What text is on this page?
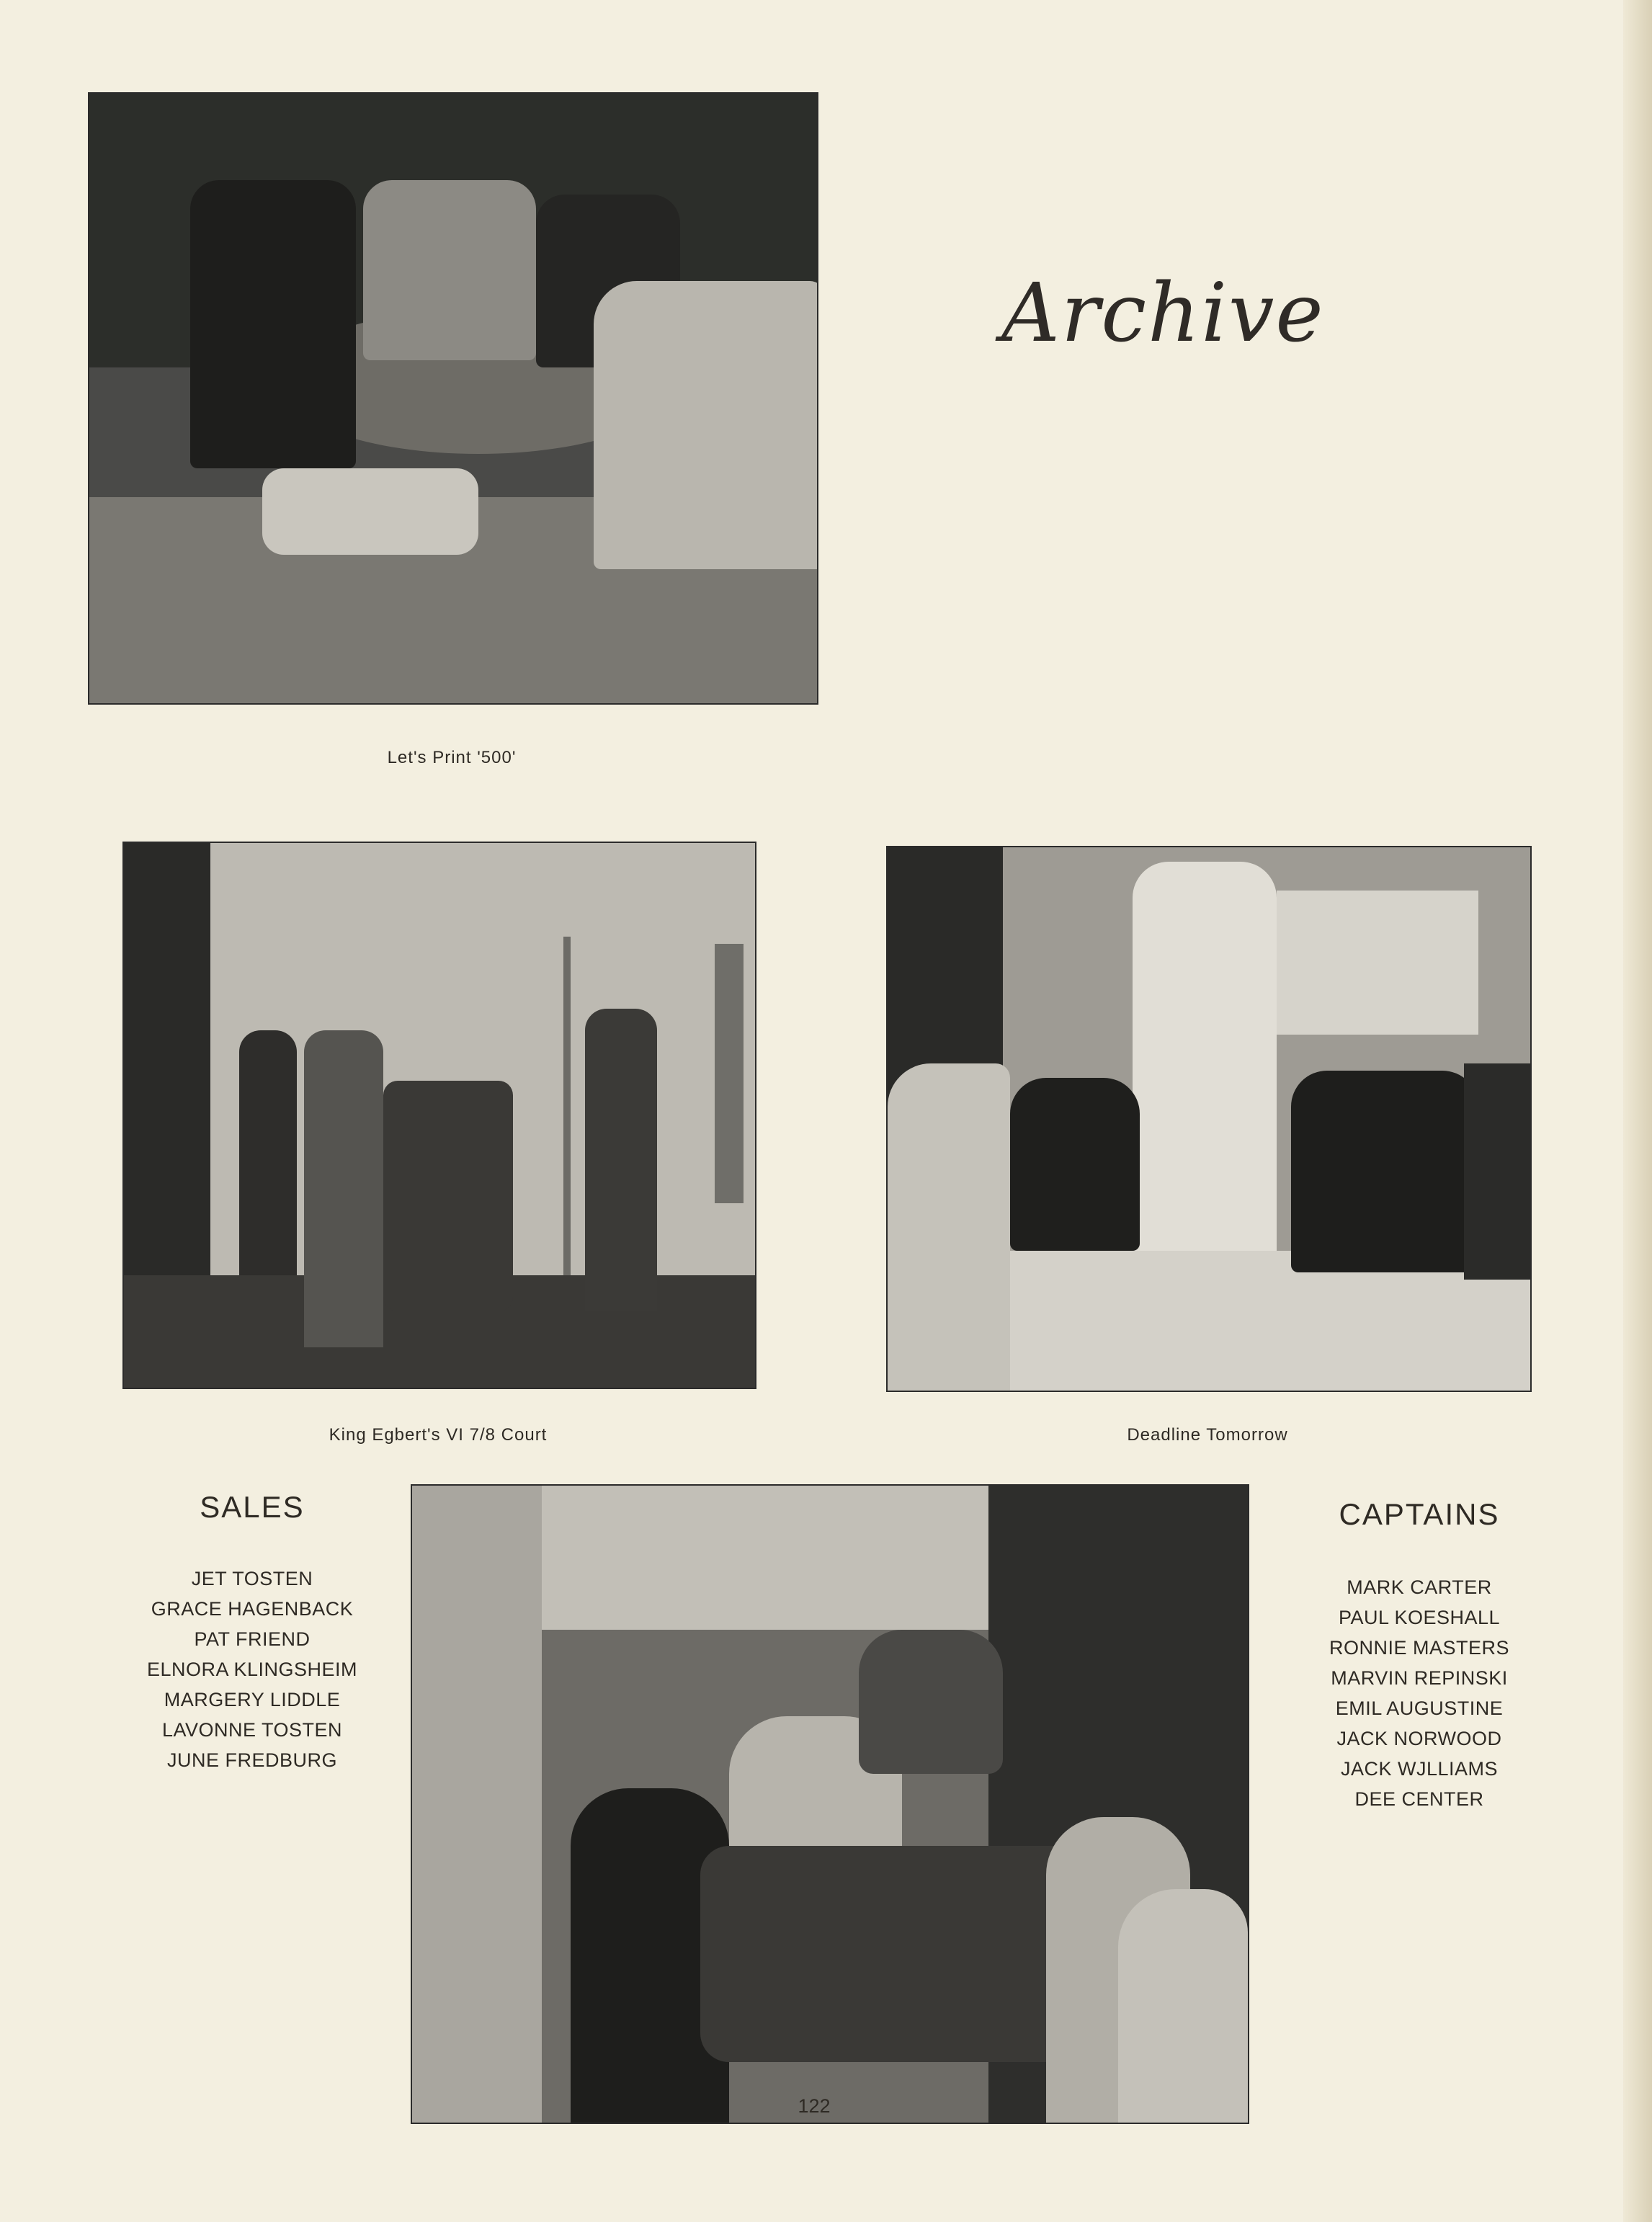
Let's Print '500'
Archive
King Egbert's VI 7/8 Court	Deadline Tomorrow
SALES
JET TOSTEN
GRACE HAGENBACK
PAT FRIEND
ELNORA KLINGSHEIM
MARGERY LIDDLE
LAVONNE TOSTEN
JUNE FREDBURG
CAPTAINS
MARK CARTER
PAUL KOESHALL
RONNIE MASTERS
MARVIN REPINSKI
EMIL AUGUSTINE
JACK NORWOOD
JACK WJLLIAMS
DEE CENTER
122
